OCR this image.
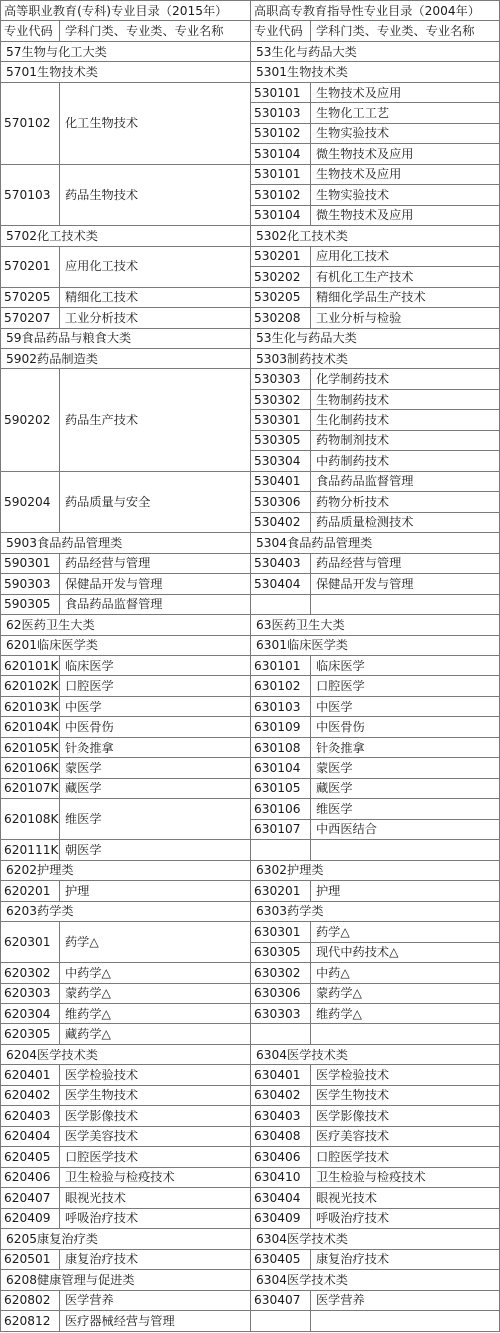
高等职业教育(专科)专业目录（2015年）		高职高专教育指导性专业目录（2004年）	
专业代码	学科门类、专业类、专业名称	专业代码	学科门类、专业类、专业名称
57生物与化工大类		53生化与药品大类	
5701生物技术类		5301生物技术类	
570102	化工生物技术	530101	生物技术及应用
		530103	生物化工工艺
		530102	生物实验技术
		530104	微生物技术及应用
570103	药品生物技术	530101	生物技术及应用
		530102	生物实验技术
		530104	微生物技术及应用
5702化工技术类		5302化工技术类	
570201	应用化工技术	530201	应用化工技术
		530202	有机化工生产技术
570205	精细化工技术	530205	精细化学品生产技术
570207	工业分析技术	530208	工业分析与检验
59食品药品与粮食大类		53生化与药品大类	
5902药品制造类		5303制药技术类	
590202	药品生产技术	530303	化学制药技术
		530302	生物制药技术
		530301	生化制药技术
		530305	药物制剂技术
		530304	中药制药技术
590204	药品质量与安全	530401	食品药品监督管理
		530306	药物分析技术
		530402	药品质量检测技术
5903食品药品管理类		5304食品药品管理类	
590301	药品经营与管理	530403	药品经营与管理
590303	保健品开发与管理	530404	保健品开发与管理
590305	食品药品监督管理		
62医药卫生大类		63医药卫生大类	
6201临床医学类		6301临床医学类	
620101K	临床医学	630101	临床医学
620102K	口腔医学	630102	口腔医学
620103K	中医学	630103	中医学
620104K	中医骨伤	630109	中医骨伤
620105K	针灸推拿	630108	针灸推拿
620106K	蒙医学	630104	蒙医学
620107K	藏医学	630105	藏医学
620108K	维医学	630106	维医学
		630107	中西医结合
620111K	朝医学		
6202护理类		6302护理类	
620201	护理	630201	护理
6203药学类		6303药学类	
620301	药学△	630301	药学△
		630305	现代中药技术△
620302	中药学△	630302	中药△
620303	蒙药学△	630306	蒙药学△
620304	维药学△	630303	维药学△
620305	藏药学△		
6204医学技术类		6304医学技术类	
620401	医学检验技术	630401	医学检验技术
620402	医学生物技术	630402	医学生物技术
620403	医学影像技术	630403	医学影像技术
620404	医学美容技术	630408	医疗美容技术
620405	口腔医学技术	630406	口腔医学技术
620406	卫生检验与检疫技术	630410	卫生检验与检疫技术
620407	眼视光技术	630404	眼视光技术
620409	呼吸治疗技术	630409	呼吸治疗技术
6205康复治疗类		6304医学技术类	
620501	康复治疗技术	630405	康复治疗技术
6208健康管理与促进类		6304医学技术类	
620802	医学营养	630407	医学营养
620812	医疗器械经营与管理		
